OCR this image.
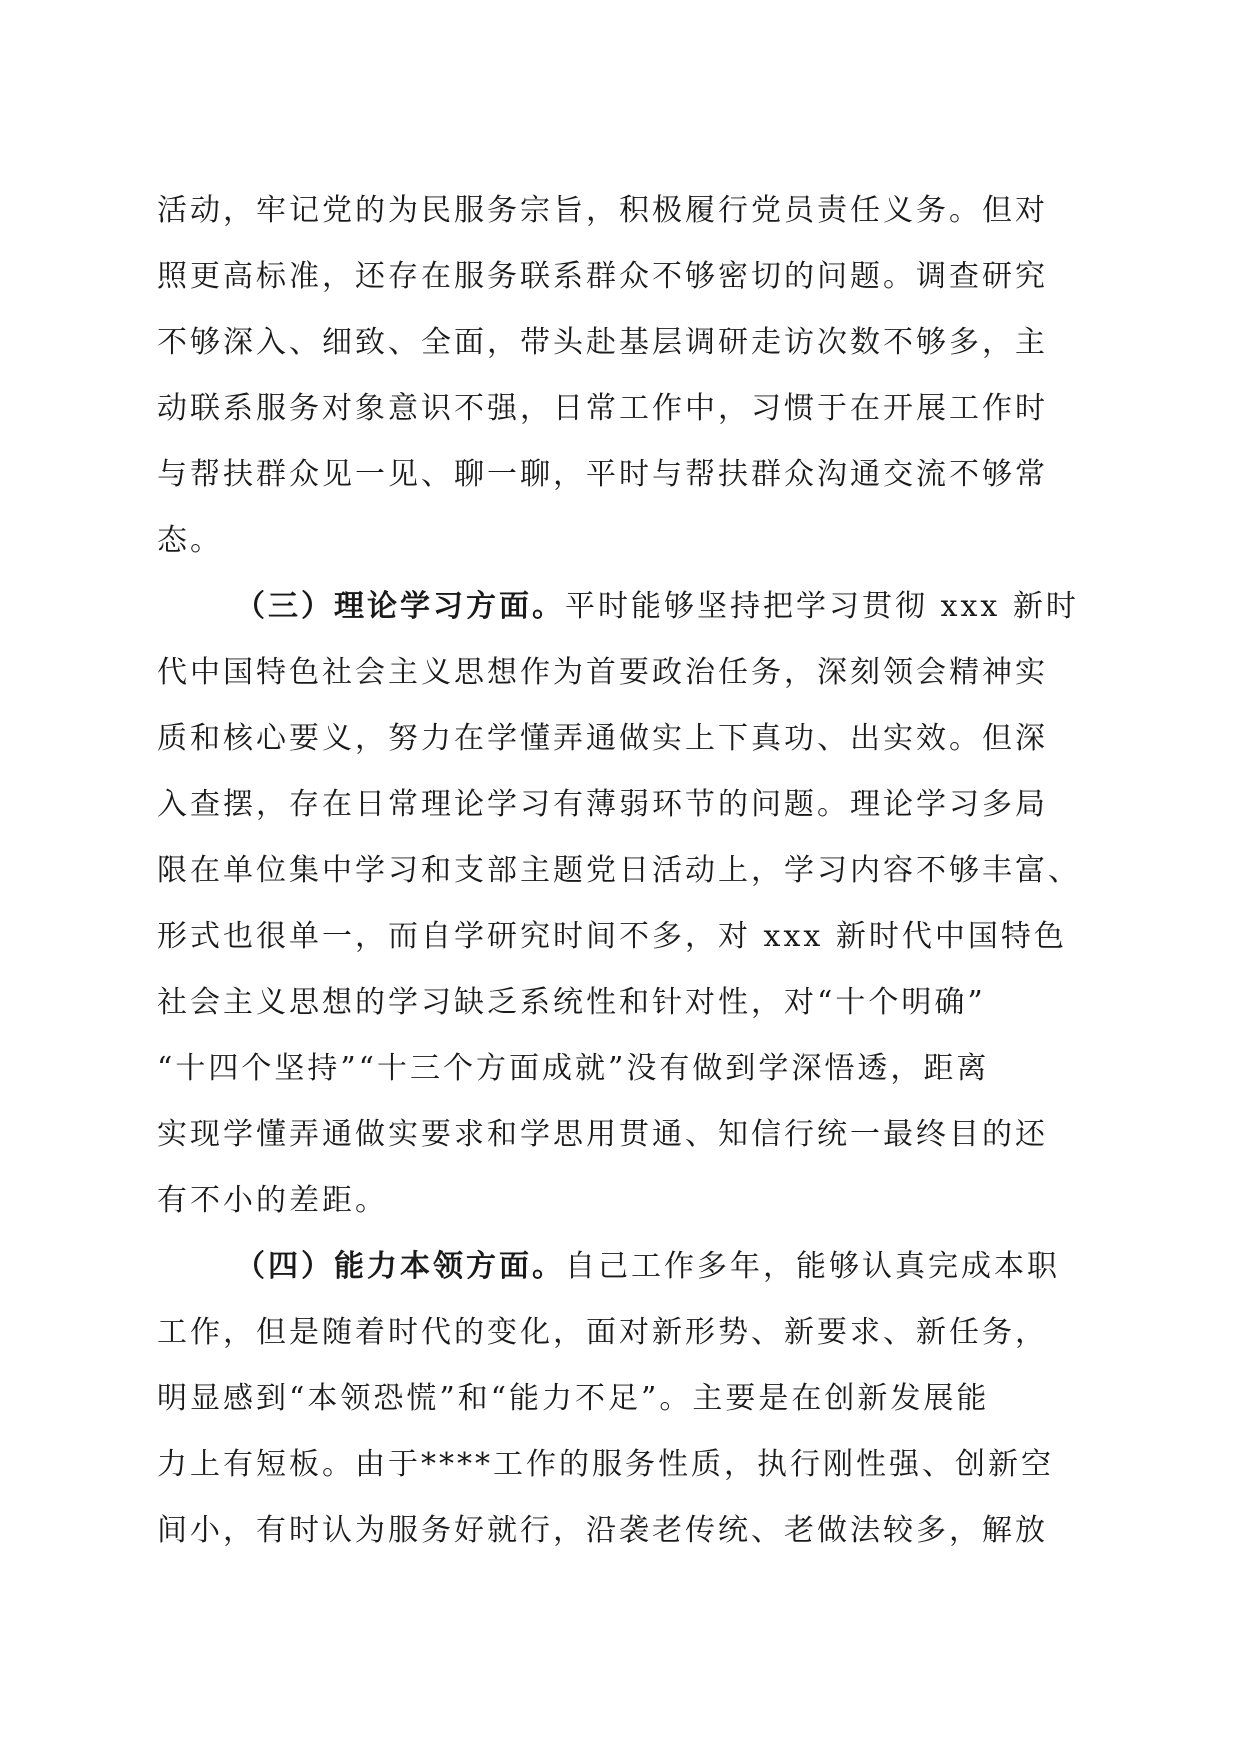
活动，牢记党的为民服务宗旨，积极履行党员责任义务。但对
照更高标准，还存在服务联系群众不够密切的问题。调查研究
不够深入、细致、全面，带头赴基层调研走访次数不够多，主
动联系服务对象意识不强，日常工作中，习惯于在开展工作时
与帮扶群众见一见、聊一聊，平时与帮扶群众沟通交流不够常
态。
（三）理论学习方面。平时能够坚持把学习贯彻 xxx 新时
代中国特色社会主义思想作为首要政治任务，深刻领会精神实
质和核心要义，努力在学懂弄通做实上下真功、出实效。但深
入查摆，存在日常理论学习有薄弱环节的问题。理论学习多局
限在单位集中学习和支部主题党日活动上，学习内容不够丰富、
形式也很单一，而自学研究时间不多，对 xxx 新时代中国特色
社会主义思想的学习缺乏系统性和针对性，对“十个明确”
“十四个坚持”“十三个方面成就”没有做到学深悟透，距离
实现学懂弄通做实要求和学思用贯通、知信行统一最终目的还
有不小的差距。
（四）能力本领方面。自己工作多年，能够认真完成本职
工作，但是随着时代的变化，面对新形势、新要求、新任务，
明显感到“本领恐慌”和“能力不足”。主要是在创新发展能
力上有短板。由于****工作的服务性质，执行刚性强、创新空
间小，有时认为服务好就行，沿袭老传统、老做法较多，解放
